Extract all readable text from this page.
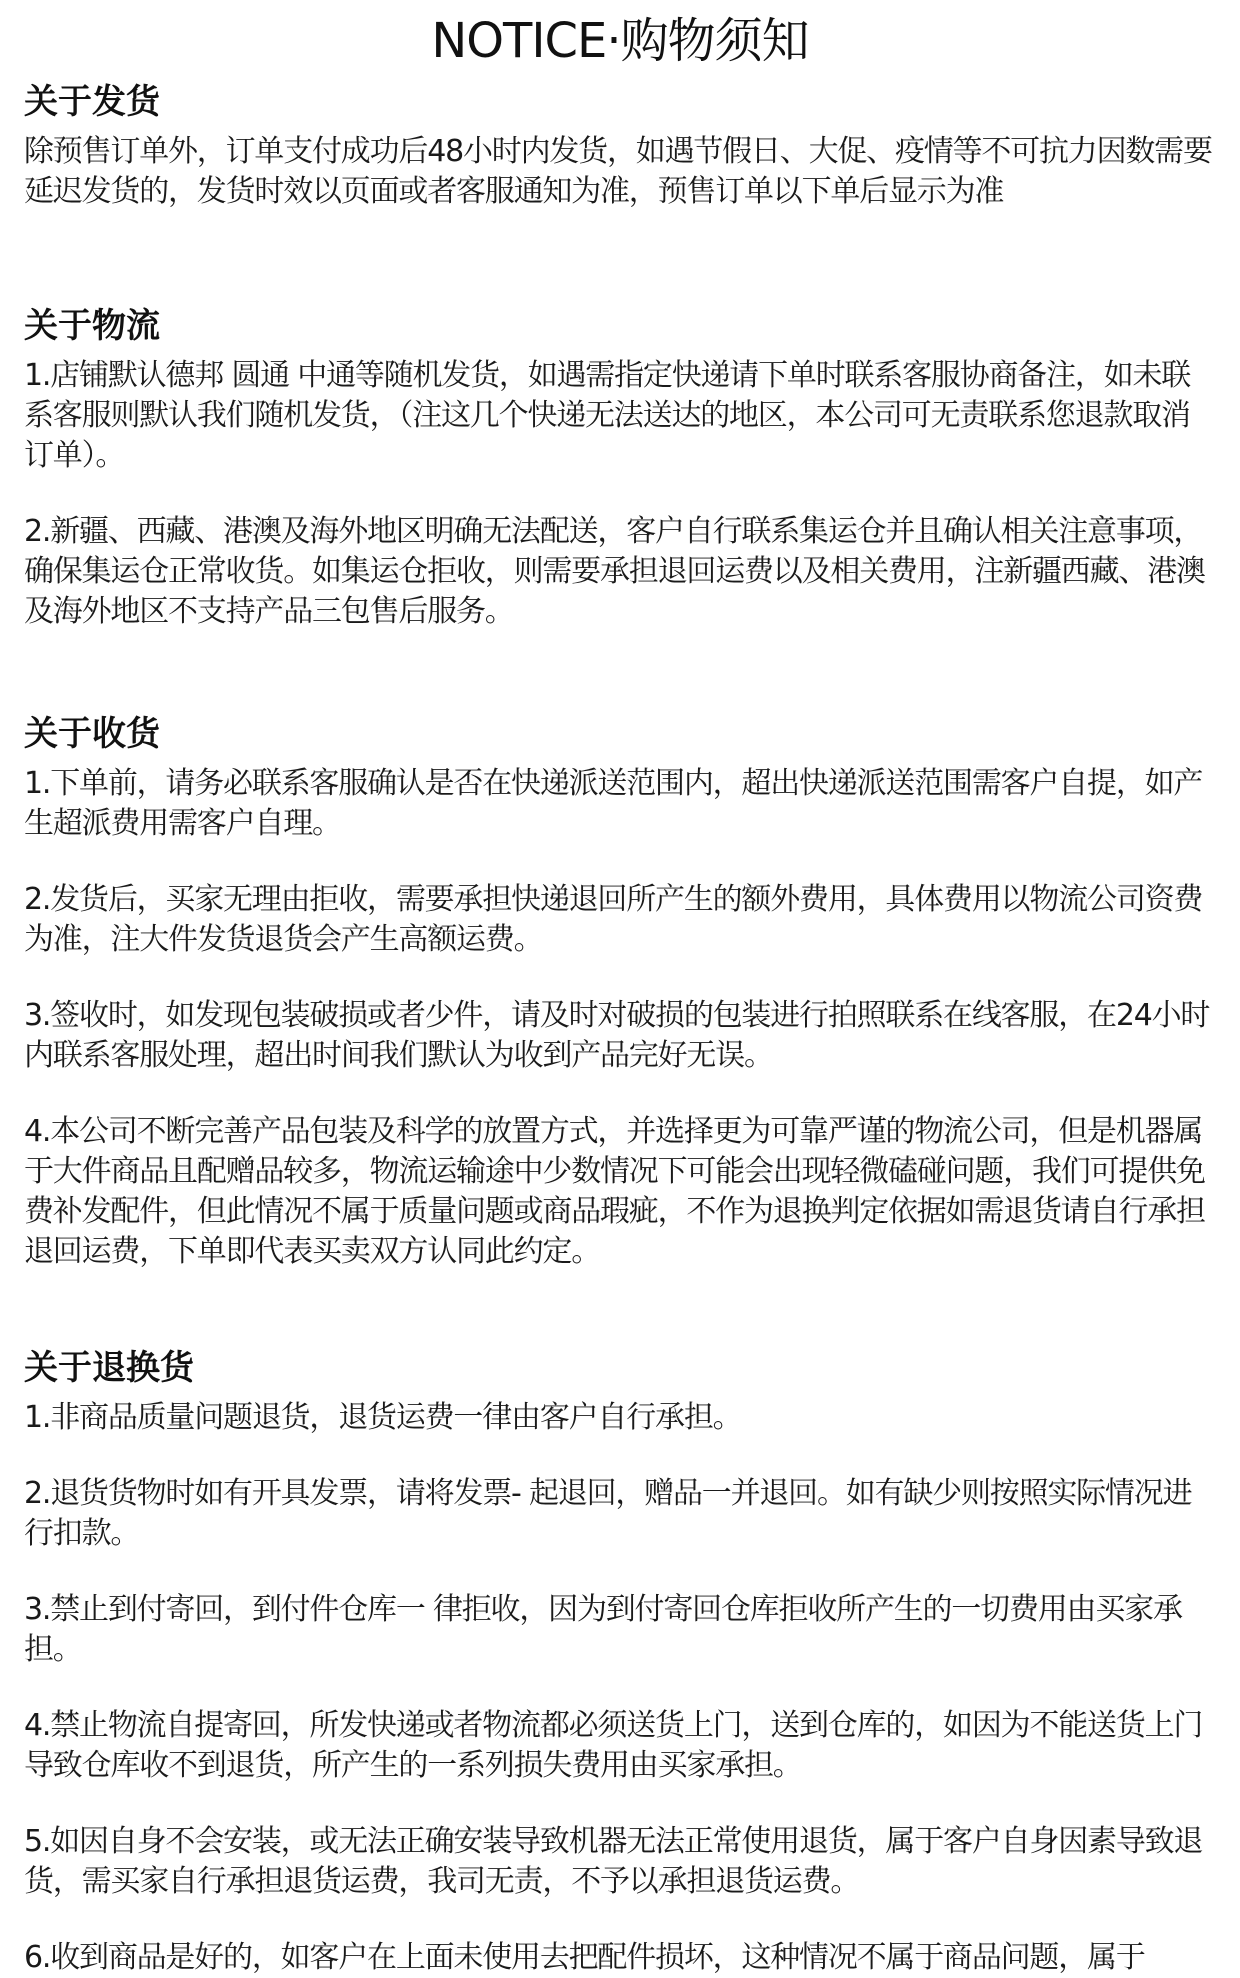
NOTICE·购物须知
关于发货

除预售订单外，订单支付成功后48小时内发货，如遇节假日、大促、疫情等不可抗力因数需要延迟发货的，发货时效以页面或者客服通知为准，预售订单以下单后显示为准

关于物流

1.店铺默认德邦 圆通 中通等随机发货，如遇需指定快递请下单时联系客服协商备注，如未联系客服则默认我们随机发货，（注这几个快递无法送达的地区，本公司可无责联系您退款取消订单）。

2.新疆、西藏、港澳及海外地区明确无法配送，客户自行联系集运仓并且确认相关注意事项，确保集运仓正常收货。如集运仓拒收，则需要承担退回运费以及相关费用，注新疆西藏、港澳及海外地区不支持产品三包售后服务。

关于收货

1.下单前，请务必联系客服确认是否在快递派送范围内，超出快递派送范围需客户自提，如产生超派费用需客户自理。

2.发货后，买家无理由拒收，需要承担快递退回所产生的额外费用，具体费用以物流公司资费为准，注大件发货退货会产生高额运费。

3.签收时，如发现包装破损或者少件，请及时对破损的包装进行拍照联系在线客服，在24小时内联系客服处理，超出时间我们默认为收到产品完好无误。

4.本公司不断完善产品包装及科学的放置方式，并选择更为可靠严谨的物流公司，但是机器属于大件商品且配赠品较多，物流运输途中少数情况下可能会出现轻微磕碰问题，我们可提供免费补发配件，但此情况不属于质量问题或商品瑕疵，不作为退换判定依据如需退货请自行承担退回运费，下单即代表买卖双方认同此约定。

关于退换货

1.非商品质量问题退货，退货运费一律由客户自行承担。

2.退货货物时如有开具发票，请将发票- 起退回，赠品一并退回。如有缺少则按照实际情况进行扣款。

3.禁止到付寄回，到付件仓库一 律拒收，因为到付寄回仓库拒收所产生的一切费用由买家承担。

4.禁止物流自提寄回，所发快递或者物流都必须送货上门，送到仓库的，如因为不能送货上门导致仓库收不到退货，所产生的一系列损失费用由买家承担。

5.如因自身不会安装，或无法正确安装导致机器无法正常使用退货，属于客户自身因素导致退货，需买家自行承担退货运费，我司无责，不予以承担退货运费。

6.收到商品是好的，如客户在上面未使用去把配件损坏，这种情况不属于商品问题，属于
